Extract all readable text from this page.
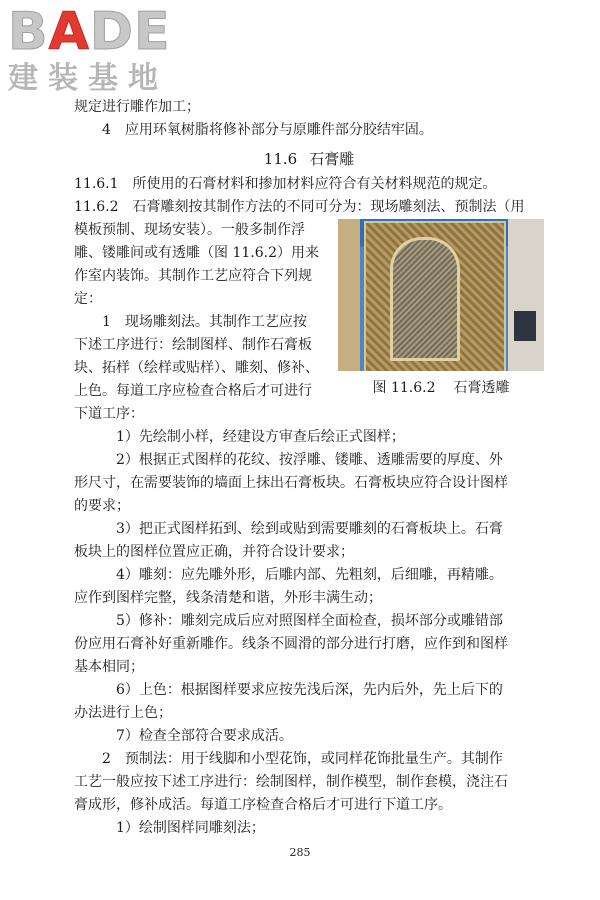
BADE
建装基地
规定进行雕作加工；
4　应用环氧树脂将修补部分与原雕件部分胶结牢固。
11.6 石膏雕
11.6.1　所使用的石膏材料和掺加材料应符合有关材料规范的规定。
11.6.2　石膏雕刻按其制作方法的不同可分为：现场雕刻法、预制法（用
图 11.6.2 石膏透雕
模板预制、现场安装）。一般多制作浮
雕、镂雕间或有透雕（图 11.6.2）用来
作室内装饰。其制作工艺应符合下列规
定：
1　现场雕刻法。其制作工艺应按
下述工序进行：绘制图样、制作石膏板
块、拓样（绘样或贴样）、雕刻、修补、
上色。每道工序应检查合格后才可进行
下道工序：
1）先绘制小样，经建设方审查后绘正式图样；
2）根据正式图样的花纹、按浮雕、镂雕、透雕需要的厚度、外
形尺寸，在需要装饰的墙面上抹出石膏板块。石膏板块应符合设计图样
的要求；
3）把正式图样拓到、绘到或贴到需要雕刻的石膏板块上。石膏
板块上的图样位置应正确，并符合设计要求；
4）雕刻：应先雕外形，后雕内部、先粗刻，后细雕，再精雕。
应作到图样完整，线条清楚和谐，外形丰满生动；
5）修补：雕刻完成后应对照图样全面检查，损坏部分或雕错部
份应用石膏补好重新雕作。线条不圆滑的部分进行打磨，应作到和图样
基本相同；
6）上色：根据图样要求应按先浅后深，先内后外，先上后下的
办法进行上色；
7）检查全部符合要求成活。
2　预制法：用于线脚和小型花饰，或同样花饰批量生产。其制作
工艺一般应按下述工序进行：绘制图样，制作模型，制作套模，浇注石
膏成形，修补成活。每道工序检查合格后才可进行下道工序。
1）绘制图样同雕刻法；
285
